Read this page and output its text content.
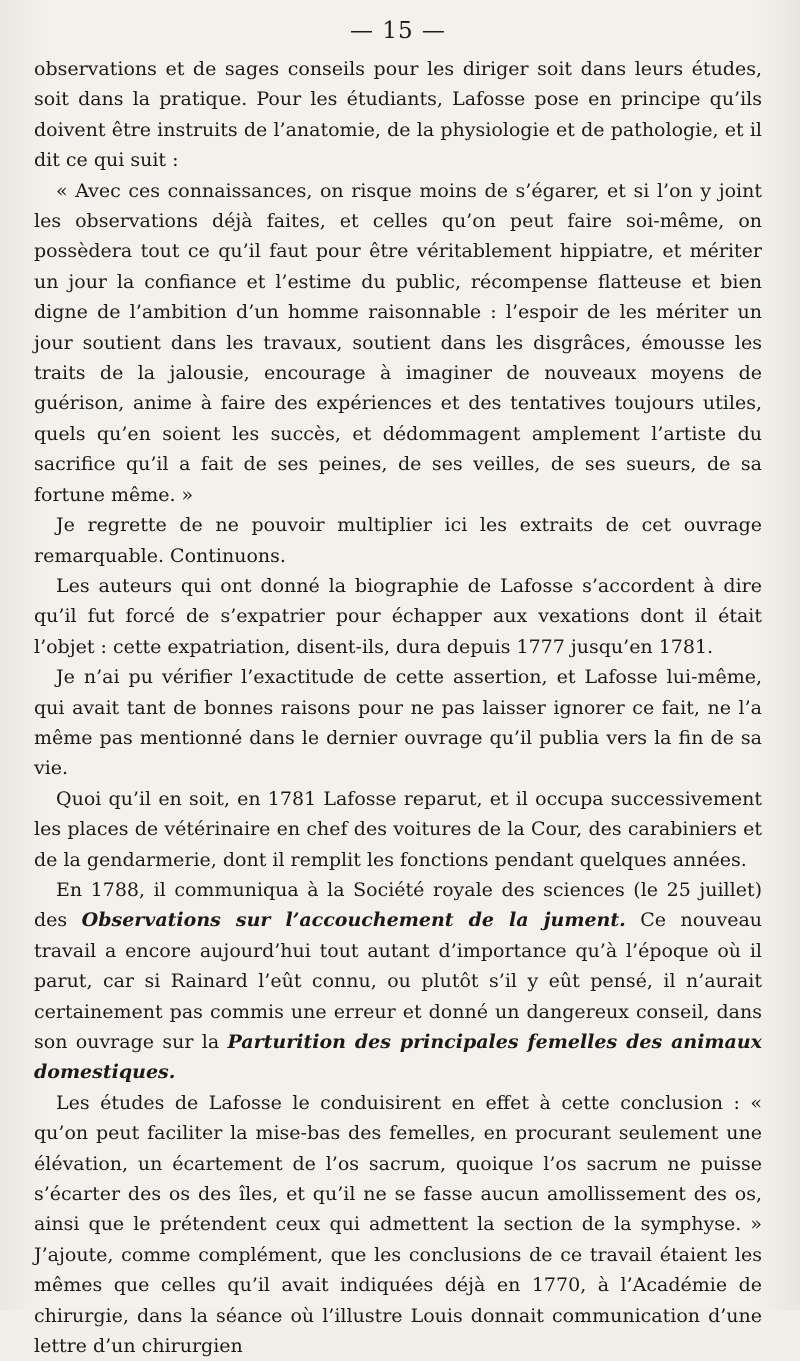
— 15 —

observations et de sages conseils pour les diriger soit dans leurs études, soit dans la pratique. Pour les étudiants, Lafosse pose en principe qu’ils doivent être instruits de l’anatomie, de la physiologie et de pathologie, et il dit ce qui suit :

« Avec ces connaissances, on risque moins de s’égarer, et si l’on y joint les observations déjà faites, et celles qu’on peut faire soi-même, on possèdera tout ce qu’il faut pour être véritablement hippiatre, et mériter un jour la confiance et l’estime du public, récompense flatteuse et bien digne de l’ambition d’un homme raisonnable : l’espoir de les mériter un jour soutient dans les travaux, soutient dans les disgrâces, émousse les traits de la jalousie, encourage à imaginer de nouveaux moyens de guérison, anime à faire des expériences et des tentatives toujours utiles, quels qu’en soient les succès, et dédommagent amplement l’artiste du sacrifice qu’il a fait de ses peines, de ses veilles, de ses sueurs, de sa fortune même. »

Je regrette de ne pouvoir multiplier ici les extraits de cet ouvrage remarquable. Continuons.

Les auteurs qui ont donné la biographie de Lafosse s’accordent à dire qu’il fut forcé de s’expatrier pour échapper aux vexations dont il était l’objet : cette expatriation, disent-ils, dura depuis 1777 jusqu’en 1781.

Je n’ai pu vérifier l’exactitude de cette assertion, et Lafosse lui-même, qui avait tant de bonnes raisons pour ne pas laisser ignorer ce fait, ne l’a même pas mentionné dans le dernier ouvrage qu’il publia vers la fin de sa vie.

Quoi qu’il en soit, en 1781 Lafosse reparut, et il occupa successivement les places de vétérinaire en chef des voitures de la Cour, des carabiniers et de la gendarmerie, dont il remplit les fonctions pendant quelques années.

En 1788, il communiqua à la Société royale des sciences (le 25 juillet) des Observations sur l’accouchement de la jument. Ce nouveau travail a encore aujourd’hui tout autant d’importance qu’à l’époque où il parut, car si Rainard l’eût connu, ou plutôt s’il y eût pensé, il n’aurait certainement pas commis une erreur et donné un dangereux conseil, dans son ouvrage sur la Parturition des principales femelles des animaux domestiques.

Les études de Lafosse le conduisirent en effet à cette conclusion : « qu’on peut faciliter la mise-bas des femelles, en procurant seulement une élévation, un écartement de l’os sacrum, quoique l’os sacrum ne puisse s’écarter des os des îles, et qu’il ne se fasse aucun amollissement des os, ainsi que le prétendent ceux qui admettent la section de la symphyse. » J’ajoute, comme complément, que les conclusions de ce travail étaient les mêmes que celles qu’il avait indiquées déjà en 1770, à l’Académie de chirurgie, dans la séance où l’illustre Louis donnait communication d’une lettre d’un chirurgien
